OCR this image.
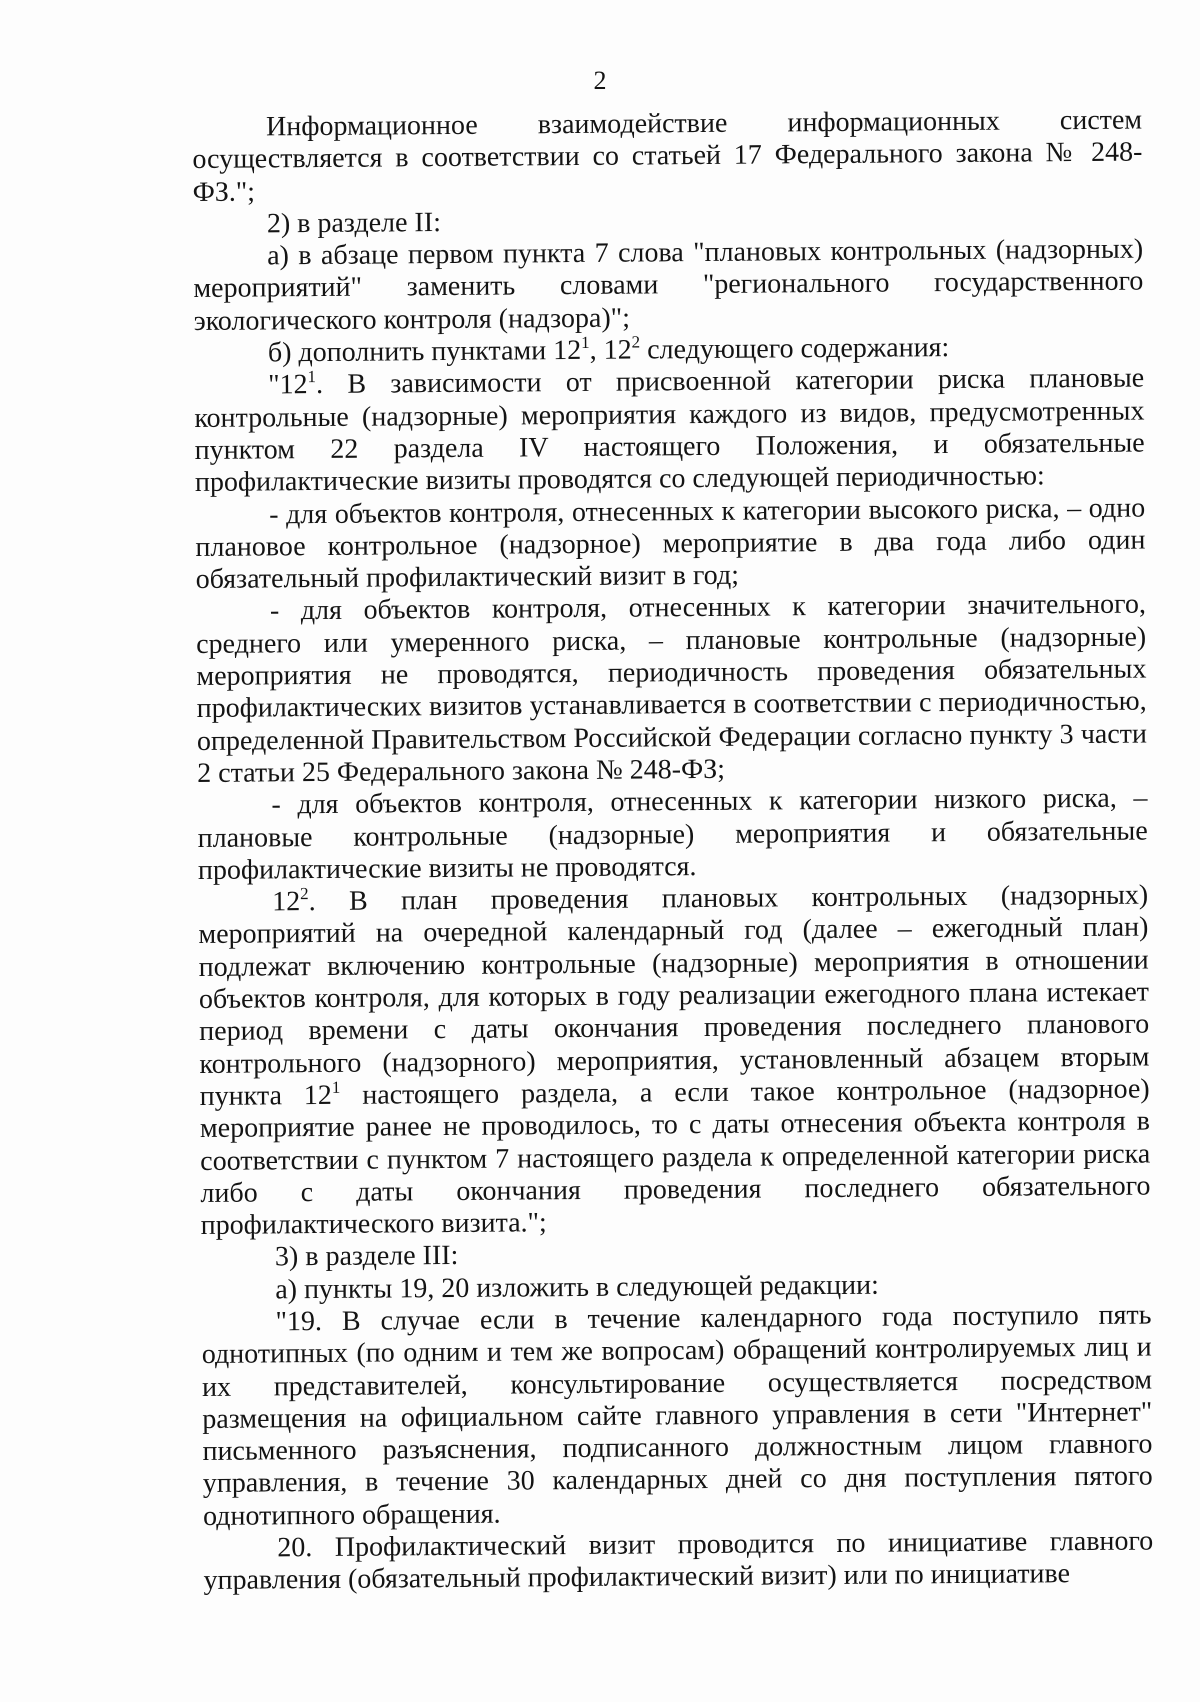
2

Информационное взаимодействие информационных систем осуществляется в соответствии со статьей 17 Федерального закона № 248-ФЗ.";

2) в разделе II:

а) в абзаце первом пункта 7 слова "плановых контрольных (надзорных) мероприятий" заменить словами "регионального государственного экологического контроля (надзора)";

б) дополнить пунктами $12^1$, $12^2$ следующего содержания:

"$12^1$. В зависимости от присвоенной категории риска плановые контрольные (надзорные) мероприятия каждого из видов, предусмотренных пунктом 22 раздела IV настоящего Положения, и обязательные профилактические визиты проводятся со следующей периодичностью:

- для объектов контроля, отнесенных к категории высокого риска, – одно плановое контрольное (надзорное) мероприятие в два года либо один обязательный профилактический визит в год;

- для объектов контроля, отнесенных к категории значительного, среднего или умеренного риска, – плановые контрольные (надзорные) мероприятия не проводятся, периодичность проведения обязательных профилактических визитов устанавливается в соответствии с периодичностью, определенной Правительством Российской Федерации согласно пункту 3 части 2 статьи 25 Федерального закона № 248-ФЗ;

- для объектов контроля, отнесенных к категории низкого риска, – плановые контрольные (надзорные) мероприятия и обязательные профилактические визиты не проводятся.

$12^2$. В план проведения плановых контрольных (надзорных) мероприятий на очередной календарный год (далее – ежегодный план) подлежат включению контрольные (надзорные) мероприятия в отношении объектов контроля, для которых в году реализации ежегодного плана истекает период времени с даты окончания проведения последнего планового контрольного (надзорного) мероприятия, установленный абзацем вторым пункта $12^1$ настоящего раздела, а если такое контрольное (надзорное) мероприятие ранее не проводилось, то с даты отнесения объекта контроля в соответствии с пунктом 7 настоящего раздела к определенной категории риска либо с даты окончания проведения последнего обязательного профилактического визита.";

3) в разделе III:

а) пункты 19, 20 изложить в следующей редакции:

"19. В случае если в течение календарного года поступило пять однотипных (по одним и тем же вопросам) обращений контролируемых лиц и их представителей, консультирование осуществляется посредством размещения на официальном сайте главного управления в сети "Интернет" письменного разъяснения, подписанного должностным лицом главного управления, в течение 30 календарных дней со дня поступления пятого однотипного обращения.

20. Профилактический визит проводится по инициативе главного управления (обязательный профилактический визит) или по инициативе
